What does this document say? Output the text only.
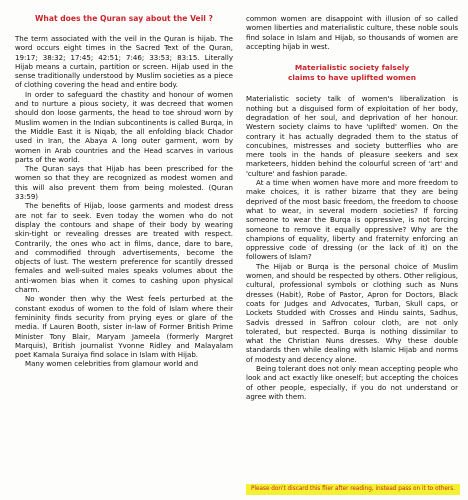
What does the Quran say about the Veil ?
The term associated with the veil in the Quran is hijab. The word occurs eight times in the Sacred Text of the Quran, 19:17; 38:32; 17:45; 42:51; 7:46; 33:53; 83:15. Literally Hijab means a curtain, partition or screen. Hijab used in the sense traditionally understood by Muslim societies as a piece of clothing covering the head and entire body.
In order to safeguard the chastity and honour of women and to nurture a pious society, it was decreed that women should don loose garments, the head to toe shroud worn by Muslim women in the Indian subcontinents is called Burqa, in the Middle East it is Niqab, the all enfolding black Chador used in Iran, the Abaya A long outer garment, worn by women in Arab countries and the Head scarves in various parts of the world.
The Quran says that Hijab has been prescribed for the women so that they are recognized as modest women and this will also prevent them from being molested. (Quran 33:59)
The benefits of Hijab, loose garments and modest dress are not far to seek. Even today the women who do not display the contours and shape of their body by wearing skin-tight or revealing dresses are treated with respect. Contrarily, the ones who act in films, dance, dare to bare, and commodified through advertisements, become the objects of lust. The western preference for scantily dressed females and well-suited males speaks volumes about the anti-women bias when it comes to cashing upon physical charm.
No wonder then why the West feels perturbed at the constant exodus of women to the fold of Islam where their femininity finds security from prying eyes or glare of the media. If Lauren Booth, sister in-law of Former British Prime Minister Tony Blair, Maryam Jameela (formerly Margret Marquis), British journalist Yvonne Ridley and Malayalam poet Kamala Suraiya find solace in Islam with Hijab.
Many women celebrities from glamour world and
common women are disappoint with illusion of so called women liberties and materialistic culture, these noble souls find solace in Islam and Hijab, so thousands of women are accepting hijab in west.
Materialistic society falsely
claims to have uplifted women
Materialistic society talk of women's liberalization is nothing but a disguised form of exploitation of her body, degradation of her soul, and deprivation of her honour. Western society claims to have 'uplifted' women. On the contrary it has actually degraded them to the status of concubines, mistresses and society butterflies who are mere tools in the hands of pleasure seekers and sex marketeers, hidden behind the colourful screen of 'art' and 'culture' and fashion parade.
At a time when women have more and more freedom to make choices, it is rather bizarre that they are being deprived of the most basic freedom, the freedom to choose what to wear, in several modern societies? If forcing someone to wear the Burqa is oppressive, is not forcing someone to remove it equally oppressive? Why are the champions of equality, liberty and fraternity enforcing an oppressive code of dressing (or the lack of it) on the followers of Islam?
The Hijab or Burqa is the personal choice of Muslim women, and should be respected by others. Other religious, cultural, professional symbols or clothing such as Nuns dresses (Habit), Robe of Pastor, Apron for Doctors, Black coats for Judges and Advocates, Turban, Skull caps, or Lockets Studded with Crosses and Hindu saints, Sadhus, Sadvis dressed in Saffron colour cloth, are not only tolerated, but respected. Burqa is nothing dissimilar to what the Christian Nuns dresses. Why these double standards then while dealing with Islamic Hijab and norms of modesty and decency alone.
Being tolerant does not only mean accepting people who look and act exactly like oneself; but accepting the choices of other people, especially, if you do not understand or agree with them.
Please don't discard this flier after reading, instead pass on it to others.
